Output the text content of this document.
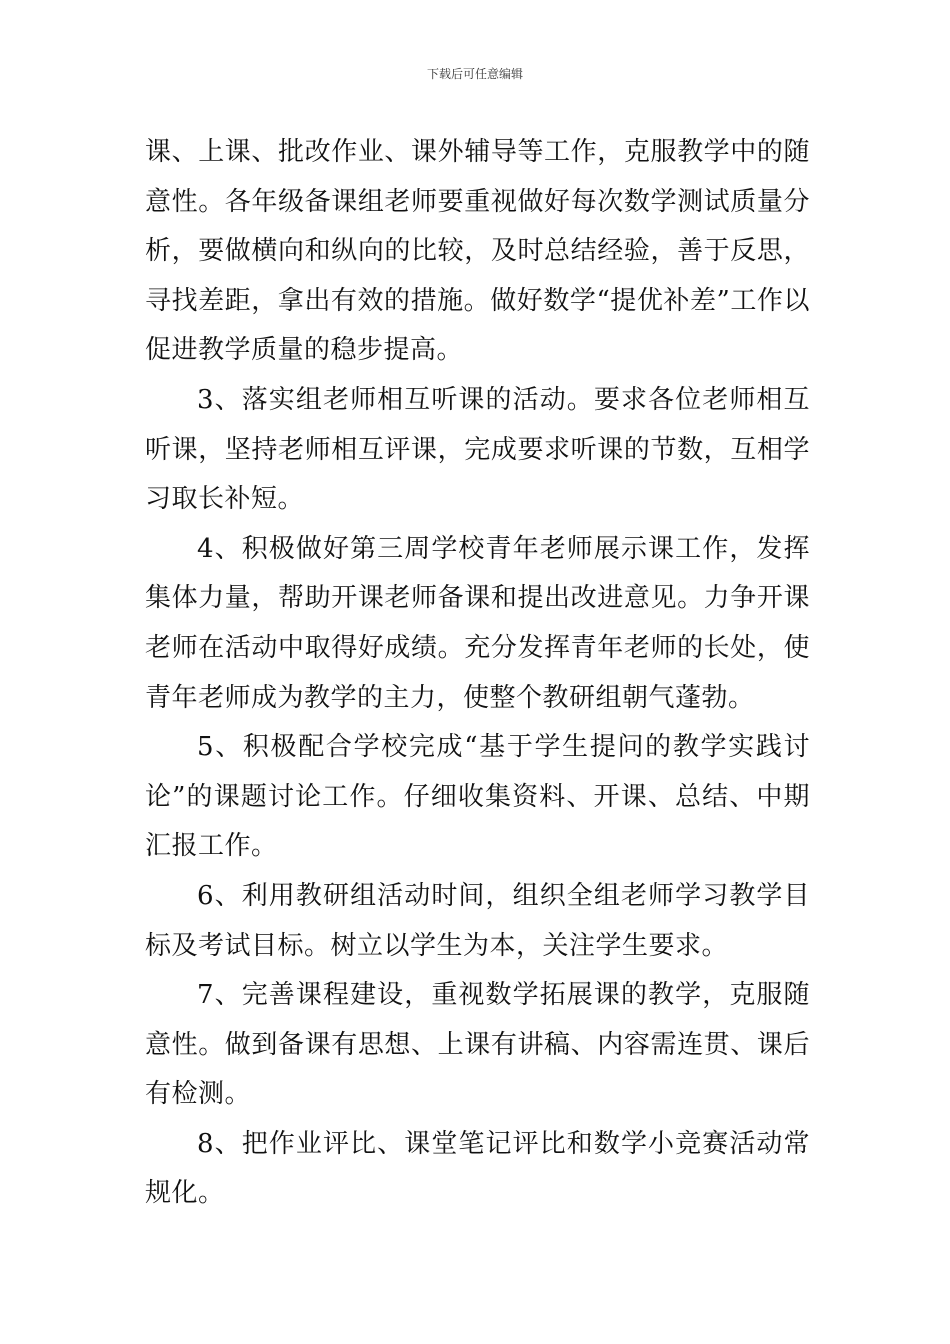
下载后可任意编辑

课、上课、批改作业、课外辅导等工作，克服教学中的随意性。各年级备课组老师要重视做好每次数学测试质量分析，要做横向和纵向的比较，及时总结经验，善于反思，寻找差距，拿出有效的措施。做好数学“提优补差”工作以促进教学质量的稳步提高。

3、落实组老师相互听课的活动。要求各位老师相互听课，坚持老师相互评课，完成要求听课的节数，互相学习取长补短。

4、积极做好第三周学校青年老师展示课工作，发挥集体力量，帮助开课老师备课和提出改进意见。力争开课老师在活动中取得好成绩。充分发挥青年老师的长处，使青年老师成为教学的主力，使整个教研组朝气蓬勃。

5、积极配合学校完成“基于学生提问的教学实践讨论”的课题讨论工作。仔细收集资料、开课、总结、中期汇报工作。

6、利用教研组活动时间，组织全组老师学习教学目标及考试目标。树立以学生为本，关注学生要求。

7、完善课程建设，重视数学拓展课的教学，克服随意性。做到备课有思想、上课有讲稿、内容需连贯、课后有检测。

8、把作业评比、课堂笔记评比和数学小竞赛活动常规化。
